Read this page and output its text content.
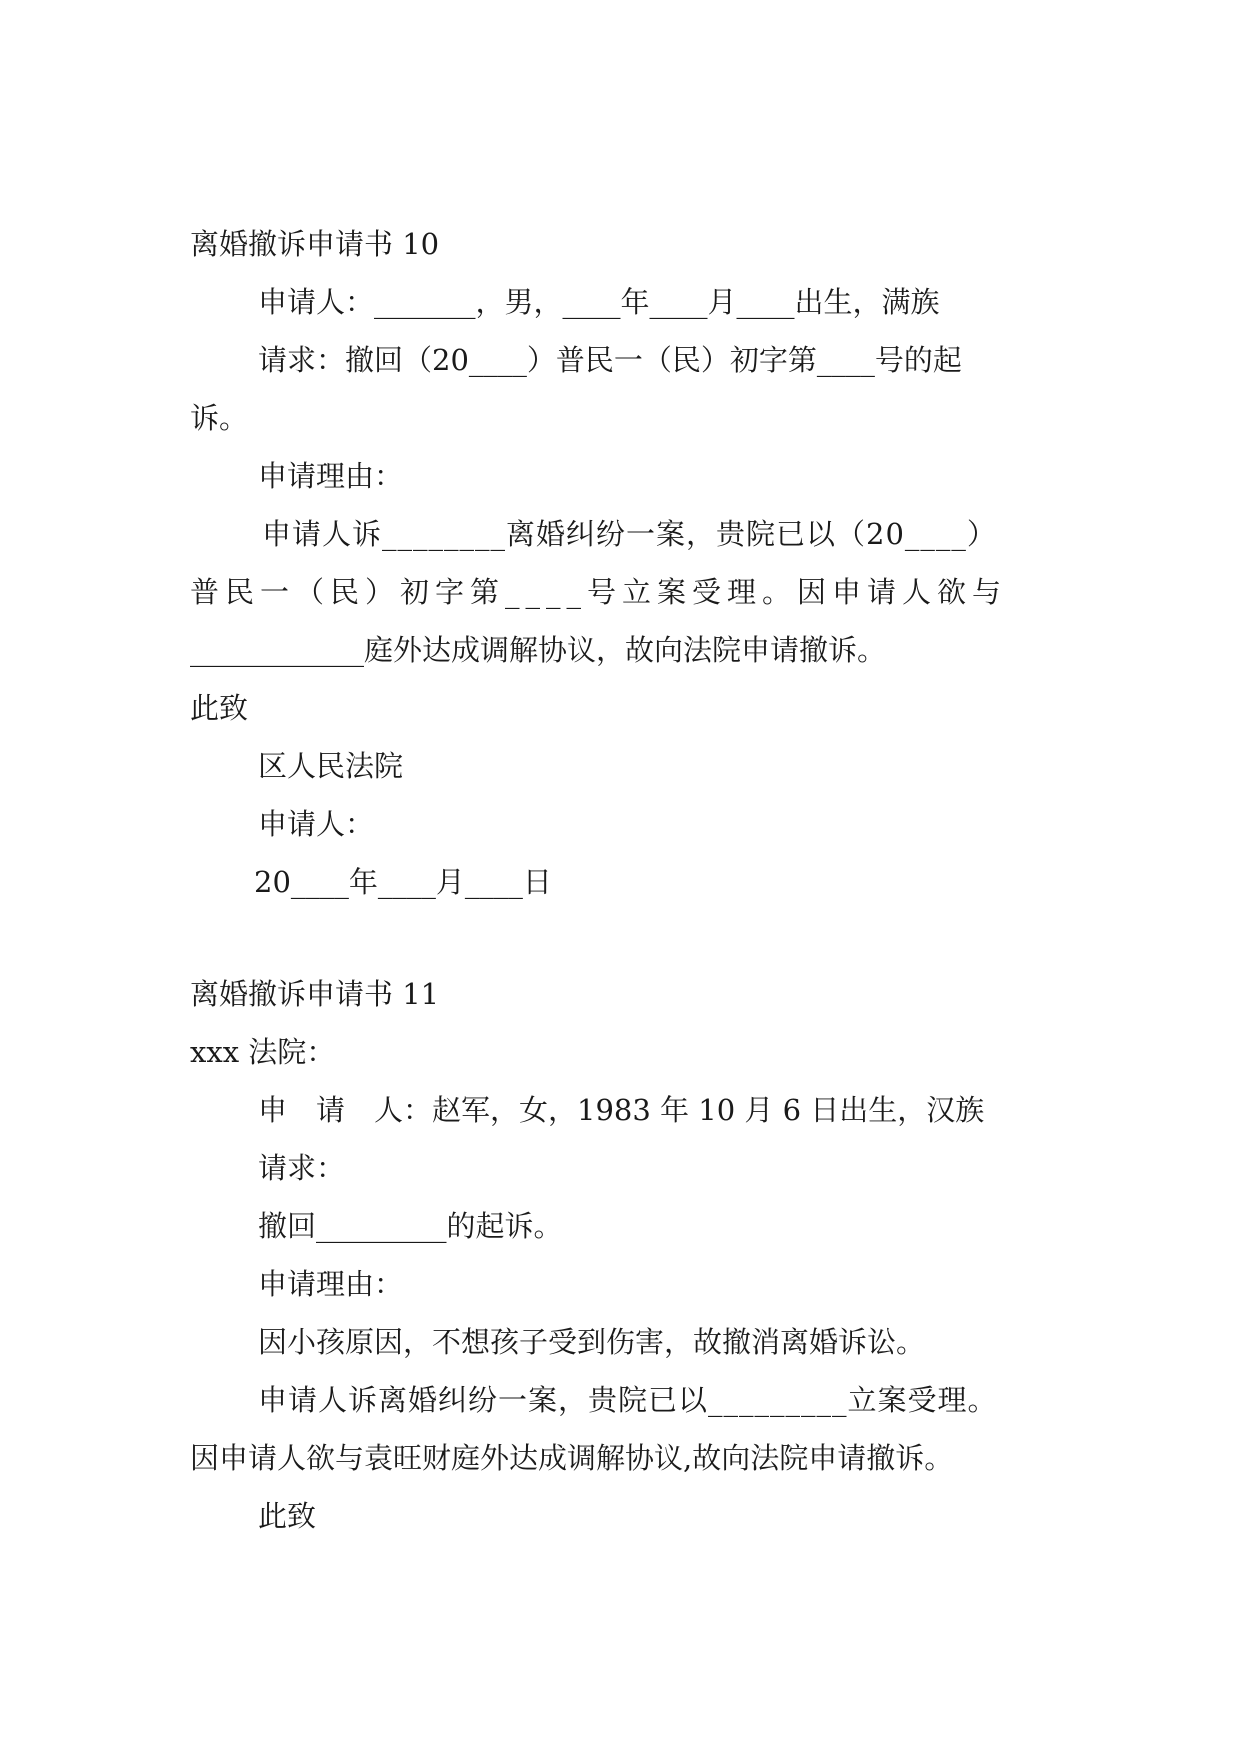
离婚撤诉申请书 10
申请人：_______，男，____年____月____出生，满族
请求：撤回（20____）普民一（民）初字第____号的起
诉。
申请理由：
申请人诉________离婚纠纷一案，贵院已以（20____）
普民一（民）初字第____号立案受理。因申请人欲与
____________庭外达成调解协议，故向法院申请撤诉。
此致
区人民法院
申请人：
20____年____月____日
离婚撤诉申请书 11
xxx 法院：
申　请　人：赵军，女，1983 年 10 月 6 日出生，汉族
请求：
撤回_________的起诉。
申请理由：
因小孩原因，不想孩子受到伤害，故撤消离婚诉讼。
申请人诉离婚纠纷一案，贵院已以_________立案受理。
因申请人欲与袁旺财庭外达成调解协议,故向法院申请撤诉。
此致
